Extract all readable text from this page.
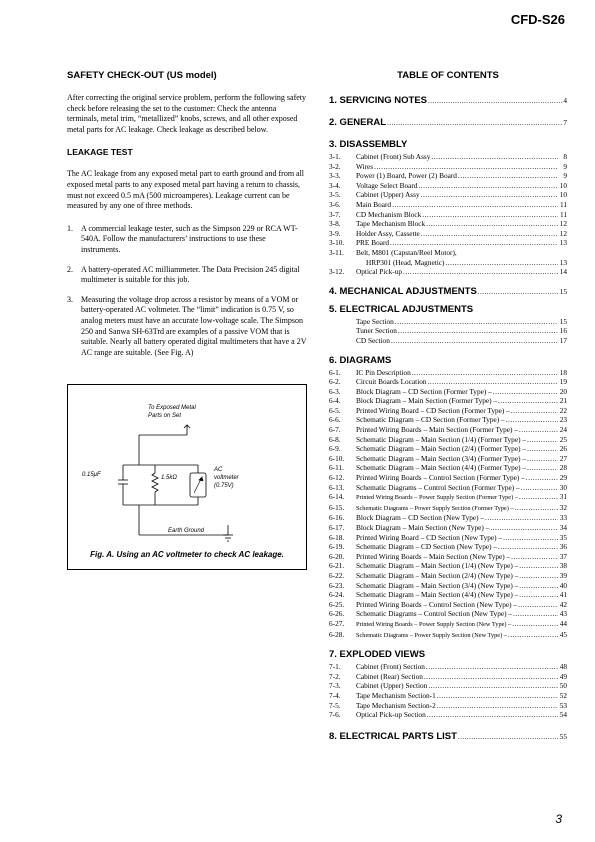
CFD-S26
SAFETY CHECK-OUT (US model)

After correcting the original service problem, perform the following safety check before releasing the set to the customer: Check the antenna terminals, metal trim, “metallized” knobs, screws, and all other exposed metal parts for AC leakage. Check leakage as described below.

LEAKAGE TEST

The AC leakage from any exposed metal part to earth ground and from all exposed metal parts to any exposed metal part having a return to chassis, must not exceed 0.5 mA (500 microamperes). Leakage current can be measured by any one of three methods.

1.	A commercial leakage tester, such as the Simpson 229 or RCA WT-540A. Follow the manufacturers’ instructions to use these instruments.
2.	A battery-operated AC milliammeter. The Data Precision 245 digital multimeter is suitable for this job.
3.	Measuring the voltage drop across a resistor by means of a VOM or battery-operated AC voltmeter. The “limit” indication is 0.75 V, so analog meters must have an accurate low-voltage scale. The Simpson 250 and Sanwa SH-63Trd are examples of a passive VOM that is suitable. Nearly all battery operated digital multimeters that have a 2V AC range are suitable. (See Fig. A)
To Exposed Metal
Parts on Set
0.15μF	1.5kΩ
AC
voltmeter
(0.75V)
Earth Ground
Fig. A. Using an AC voltmeter to check AC leakage.
TABLE OF CONTENTS
1. SERVICING NOTES .....	4
2. GENERAL .....	7
3. DISASSEMBLY
3-1.	Cabinet (Front) Sub Assy .....	8
3-2.	Wires .....	9
3-3.	Power (1) Board, Power (2) Board .....	9
3-4.	Voltage Select Board .....	10
3-5.	Cabinet (Upper) Assy .....	10
3-6.	Main Board .....	11
3-7.	CD Mechanism Block .....	11
3-8.	Tape Mechanism Block .....	12
3-9.	Holder Assy, Cassette .....	12
3-10.	PRE Board .....	13
3-11.	Belt, M801 (Capstan/Reel Motor),
HRP301 (Head, Magnetic) .....	13
3-12.	Optical Pick-up .....	14
4. MECHANICAL ADJUSTMENTS .....	15
5. ELECTRICAL ADJUSTMENTS
Tape Section .....	15
Tuner Section .....	16
CD Section .....	17
6. DIAGRAMS
6-1.	IC Pin Description .....	18
6-2.	Circuit Boards Location .....	19
6-3.	Block Diagram – CD Section (Former Type) – .....	20
6-4.	Block Diagram – Main Section (Former Type) – .....	21
6-5.	Printed Wiring Board – CD Section (Former Type) – .....	22
6-6.	Schematic Diagram – CD Section (Former Type) – .....	23
6-7.	Printed Wiring Boards – Main Section (Former Type) – .....	24
6-8.	Schematic Diagram – Main Section (1/4) (Former Type) – .....	25
6-9.	Schematic Diagram – Main Section (2/4) (Former Type) – .....	26
6-10.	Schematic Diagram – Main Section (3/4) (Former Type) – .....	27
6-11.	Schematic Diagram – Main Section (4/4) (Former Type) – .....	28
6-12.	Printed Wiring Boards – Control Section (Former Type) – .....	29
6-13.	Schematic Diagrams – Control Section (Former Type) – .....	30
6-14.	Printed Wiring Boards – Power Supply Section (Former Type) – .....	31
6-15.	Schematic Diagrams – Power Supply Section (Former Type) – .....	32
6-16.	Block Diagram – CD Section (New Type) – .....	33
6-17.	Block Diagram – Main Section (New Type) – .....	34
6-18.	Printed Wiring Board – CD Section (New Type) – .....	35
6-19.	Schematic Diagram – CD Section (New Type) – .....	36
6-20.	Printed Wiring Boards – Main Section (New Type) – .....	37
6-21.	Schematic Diagram – Main Section (1/4) (New Type) – .....	38
6-22.	Schematic Diagram – Main Section (2/4) (New Type) – .....	39
6-23.	Schematic Diagram – Main Section (3/4) (New Type) – .....	40
6-24.	Schematic Diagram – Main Section (4/4) (New Type) – .....	41
6-25.	Printed Wiring Boards – Control Section (New Type) – .....	42
6-26.	Schematic Diagrams – Control Section (New Type) – .....	43
6-27.	Printed Wiring Boards – Power Supply Section (New Type) – .....	44
6-28.	Schematic Diagrams – Power Supply Section (New Type) – .....	45
7. EXPLODED VIEWS
7-1.	Cabinet (Front) Section .....	48
7-2.	Cabinet (Rear) Section .....	49
7-3.	Cabinet (Upper) Section .....	50
7-4.	Tape Mechanism Section-1 .....	52
7-5.	Tape Mechanism Section-2 .....	53
7-6.	Optical Pick-up Section .....	54
8. ELECTRICAL PARTS LIST .....	55
3
